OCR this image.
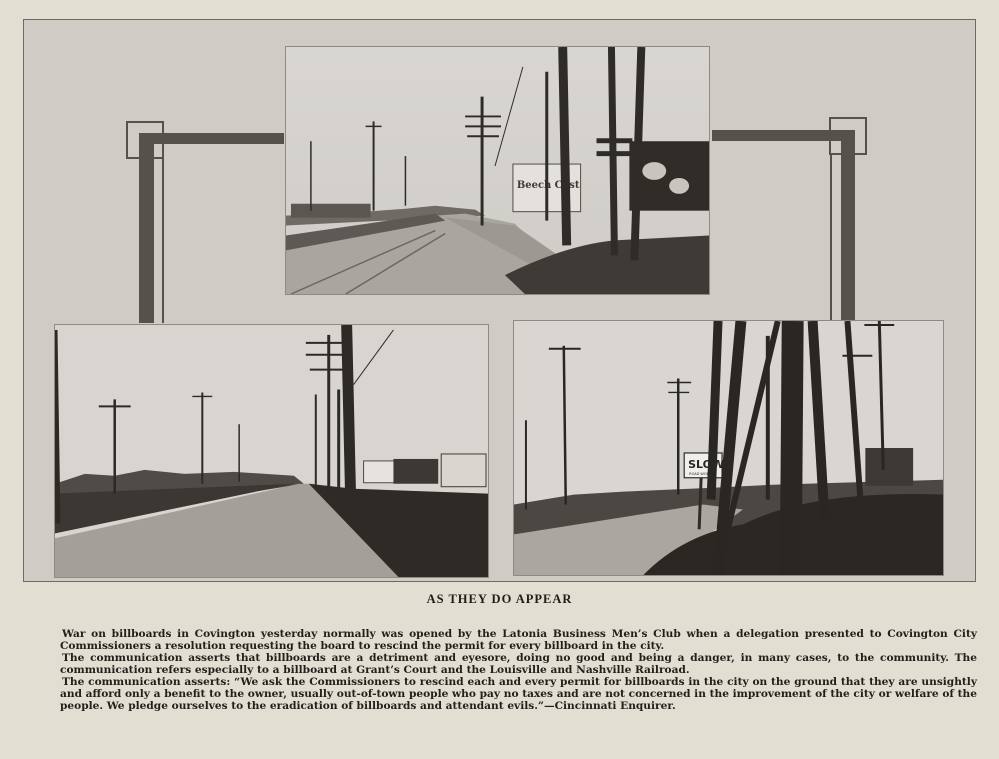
Beech Cost
SLOW
ROAD WORKS
AS THEY DO APPEAR

War on billboards in Covington yesterday normally was opened by the Latonia Business Men’s Club when a delegation presented to Covington City Commissioners a resolution requesting the board to rescind the permit for every billboard in the city.

The communication asserts that billboards are a detriment and eyesore, doing no good and being a danger, in many cases, to the community. The communication refers especially to a billboard at Grant’s Court and the Louisville and Nashville Railroad.

The communication asserts: “We ask the Commissioners to rescind each and every permit for billboards in the city on the ground that they are unsightly and afford only a benefit to the owner, usually out-of-town people who pay no taxes and are not concerned in the improvement of the city or welfare of the people. We pledge ourselves to the eradication of billboards and attendant evils.”—Cincinnati Enquirer.
